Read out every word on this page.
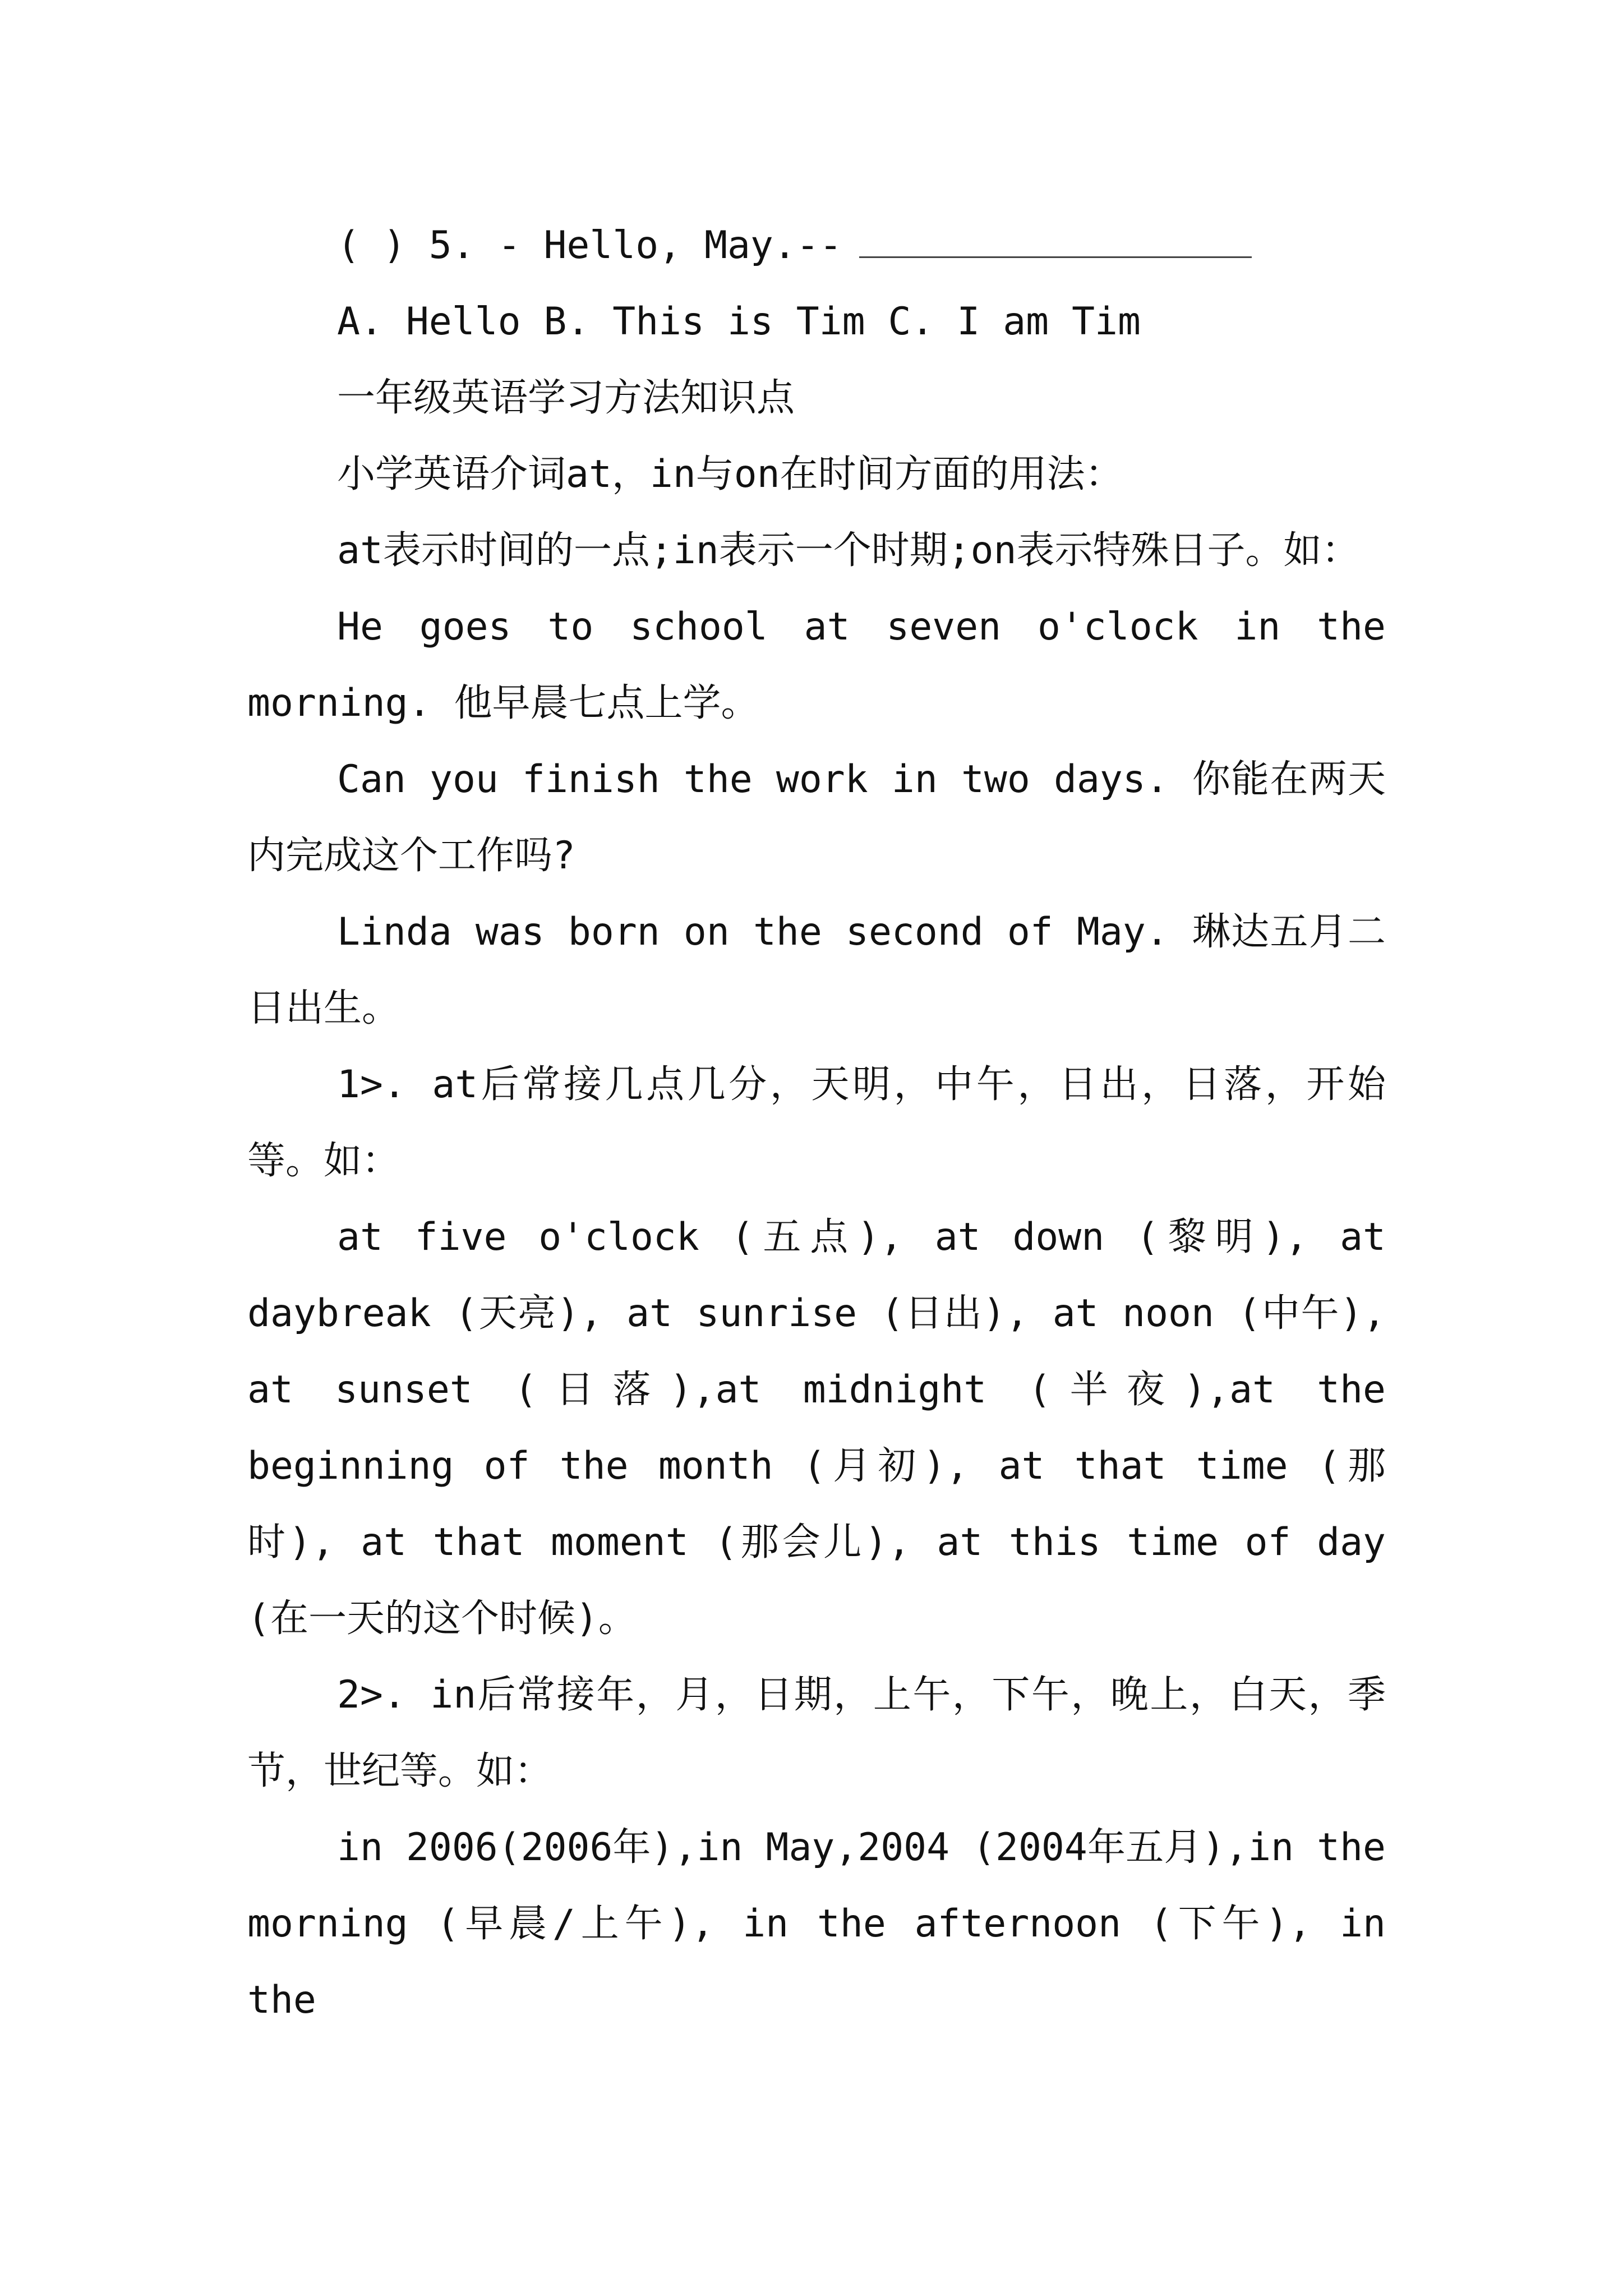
( ) 5. - Hello, May.--

A. Hello B. This is Tim C. I am Tim

一年级英语学习方法知识点

小学英语介词at，in与on在时间方面的用法：

at表示时间的一点;in表示一个时期;on表示特殊日子。如：

He goes to school at seven o'clock in the morning. 他早晨七点上学。

Can you finish the work in two days. 你能在两天内完成这个工作吗?

Linda was born on the second of May. 琳达五月二日出生。

1>. at后常接几点几分，天明，中午，日出，日落，开始等。如：

at five o'clock (五点), at down (黎明), at daybreak (天亮), at sunrise (日出), at noon (中午), at sunset (日落),at midnight (半夜),at the beginning of the month (月初), at that time (那时), at that moment (那会儿), at this time of day (在一天的这个时候)。

2>. in后常接年，月，日期，上午，下午，晚上，白天，季节，世纪等。如：

in 2006(2006年),in May,2004 (2004年五月),in the morning (早晨/上午), in the afternoon (下午), in the
